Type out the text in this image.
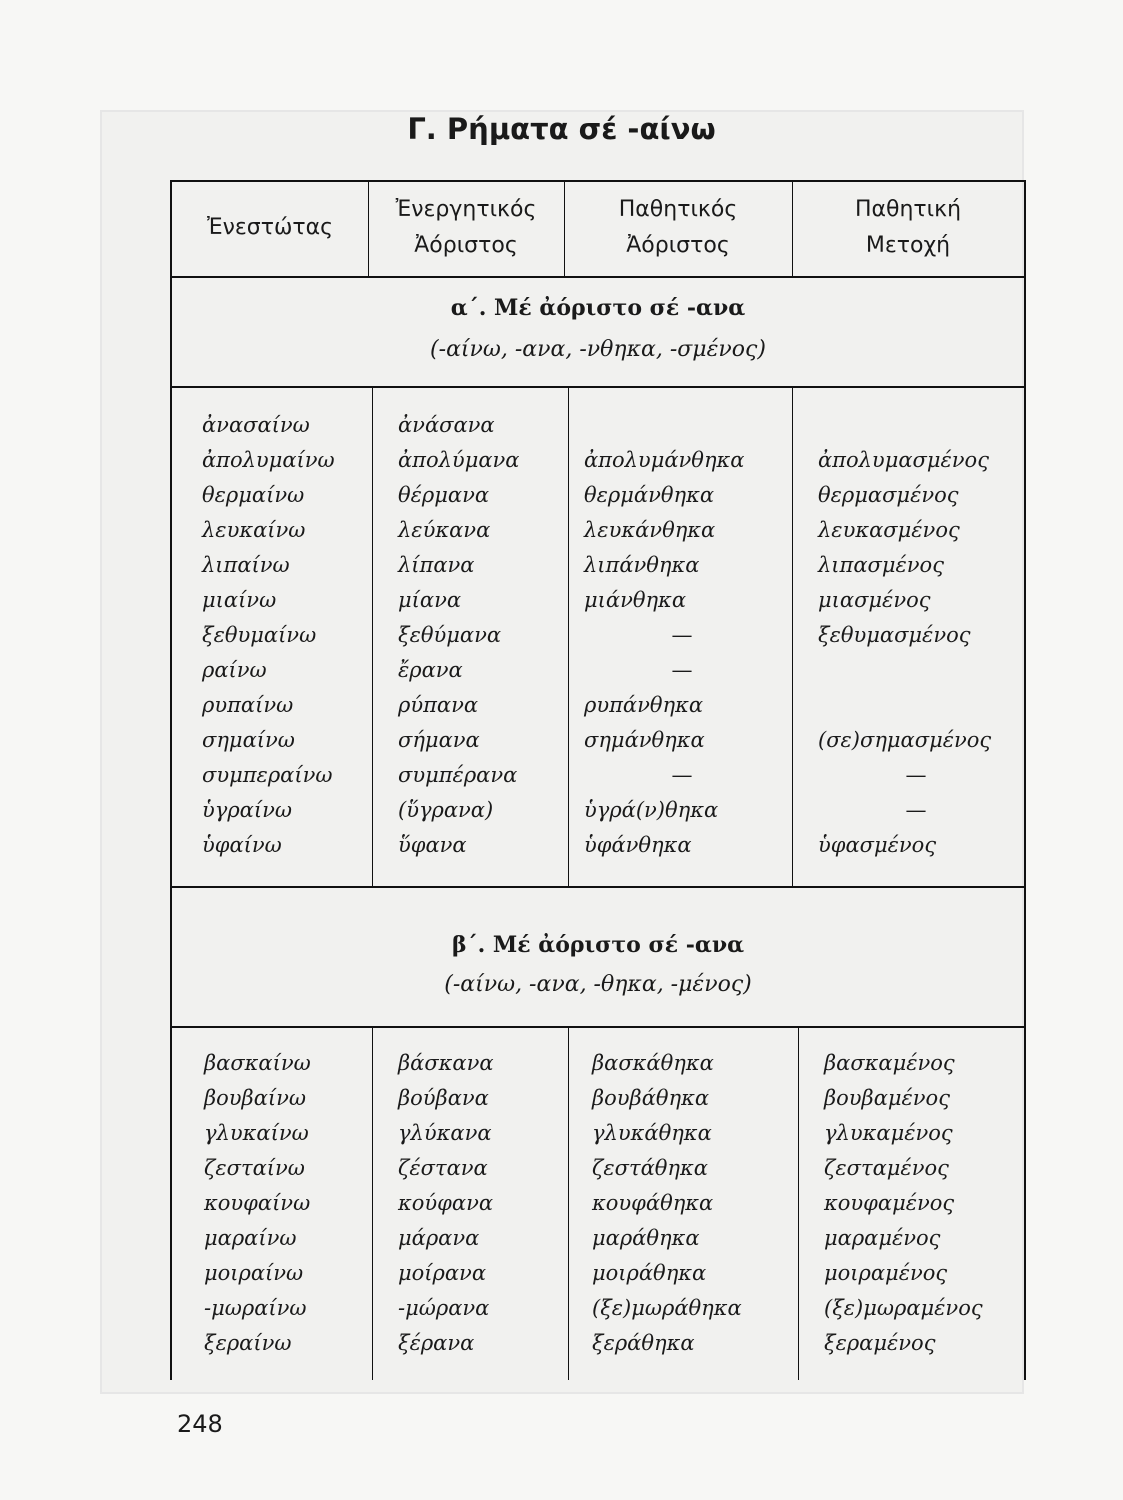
Γ. Ρήματα σέ -αίνω
Ἐνεστώτας
Ἐνεργητικός
Ἀόριστος
Παθητικός
Ἀόριστος
Παθητική
Μετοχή
α΄. Μέ ἀόριστο σέ -ανα
(-αίνω, -ανα, -νθηκα, -σμένος)
ἀνασαίνω
ἀπολυμαίνω
θερμαίνω
λευκαίνω
λιπαίνω
μιαίνω
ξεθυμαίνω
ραίνω
ρυπαίνω
σημαίνω
συμπεραίνω
ὑγραίνω
ὑφαίνω
ἀνάσανα
ἀπολύμανα
θέρμανα
λεύκανα
λίπανα
μίανα
ξεθύμανα
ἔρανα
ρύπανα
σήμανα
συμπέρανα
(ὕγρανα)
ὕφανα
ἀπολυμάνθηκα
θερμάνθηκα
λευκάνθηκα
λιπάνθηκα
μιάνθηκα
—
—
ρυπάνθηκα
σημάνθηκα
—
ὑγρά(ν)θηκα
ὑφάνθηκα
ἀπολυμασμένος
θερμασμένος
λευκασμένος
λιπασμένος
μιασμένος
ξεθυμασμένος
(σε)σημασμένος
—
—
ὑφασμένος
β΄. Μέ ἀόριστο σέ -ανα
(-αίνω, -ανα, -θηκα, -μένος)
βασκαίνω
βουβαίνω
γλυκαίνω
ζεσταίνω
κουφαίνω
μαραίνω
μοιραίνω
-μωραίνω
ξεραίνω
βάσκανα
βούβανα
γλύκανα
ζέστανα
κούφανα
μάρανα
μοίρανα
-μώρανα
ξέρανα
βασκάθηκα
βουβάθηκα
γλυκάθηκα
ζεστάθηκα
κουφάθηκα
μαράθηκα
μοιράθηκα
(ξε)μωράθηκα
ξεράθηκα
βασκαμένος
βουβαμένος
γλυκαμένος
ζεσταμένος
κουφαμένος
μαραμένος
μοιραμένος
(ξε)μωραμένος
ξεραμένος
248
